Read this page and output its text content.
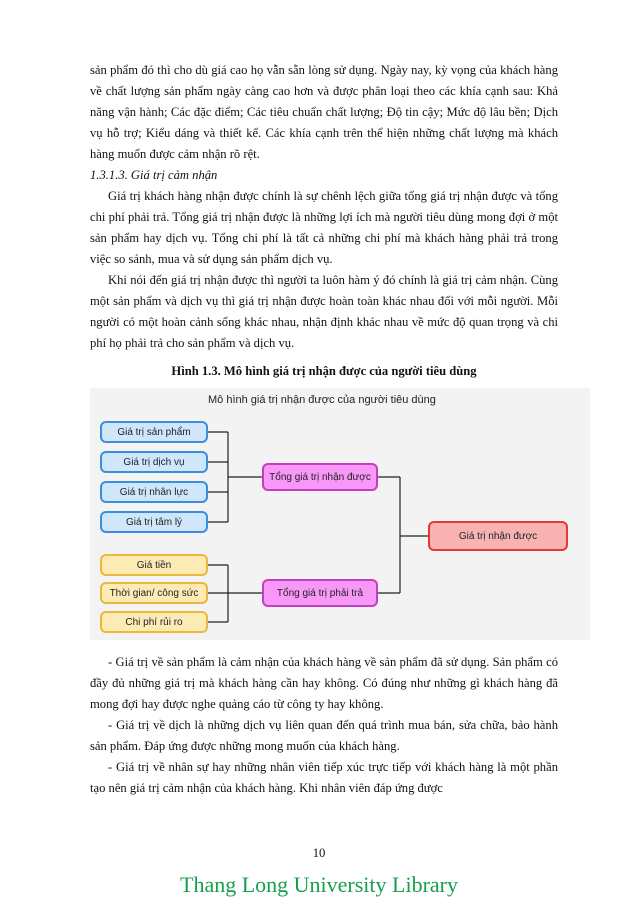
sản phẩm đó thì cho dù giá cao họ vẫn sẵn lòng sử dụng. Ngày nay, kỳ vọng của khách hàng về chất lượng sản phẩm ngày càng cao hơn và được phân loại theo các khía cạnh sau: Khả năng vận hành; Các đặc điểm; Các tiêu chuẩn chất lượng; Độ tin cậy; Mức độ lâu bền; Dịch vụ hỗ trợ; Kiểu dáng và thiết kế. Các khía cạnh trên thể hiện những chất lượng mà khách hàng muốn được cảm nhận rõ rệt.

1.3.1.3. Giá trị cảm nhận

Giá trị khách hàng nhận được chính là sự chênh lệch giữa tổng giá trị nhận được và tổng chi phí phải trả. Tổng giá trị nhận được là những lợi ích mà người tiêu dùng mong đợi ở một sản phẩm hay dịch vụ. Tổng chi phí là tất cả những chi phí mà khách hàng phải trả trong việc so sánh, mua và sử dụng sản phẩm dịch vụ.

Khi nói đến giá trị nhận được thì người ta luôn hàm ý đó chính là giá trị cảm nhận. Cùng một sản phẩm và dịch vụ thì giá trị nhận được hoàn toàn khác nhau đối với mỗi người. Mỗi người có một hoàn cảnh sống khác nhau, nhận định khác nhau về mức độ quan trọng và chi phí họ phải trả cho sản phẩm và dịch vụ.

Hình 1.3. Mô hình giá trị nhận được của người tiêu dùng
Mô hình giá trị nhận được của người tiêu dùng
Giá trị sản phẩm
Giá trị dịch vụ
Giá trị nhân lực
Giá trị tâm lý
Giá tiền
Thời gian/ công sức
Chi phí rủi ro
Tổng giá trị nhận được
Tổng giá trị phải trả
Giá trị nhận được

- Giá trị về sản phẩm là cảm nhận của khách hàng về sản phẩm đã sử dụng. Sản phẩm có đầy đủ những giá trị mà khách hàng cần hay không. Có đúng như những gì khách hàng đã mong đợi hay được nghe quảng cáo từ công ty hay không.

- Giá trị về dịch là những dịch vụ liên quan đến quá trình mua bán, sửa chữa, bảo hành sản phẩm. Đáp ứng được những mong muốn của khách hàng.

- Giá trị về nhân sự hay những nhân viên tiếp xúc trực tiếp với khách hàng là một phần tạo nên giá trị cảm nhận của khách hàng. Khi nhân viên đáp ứng được

10
Thang Long University Library
